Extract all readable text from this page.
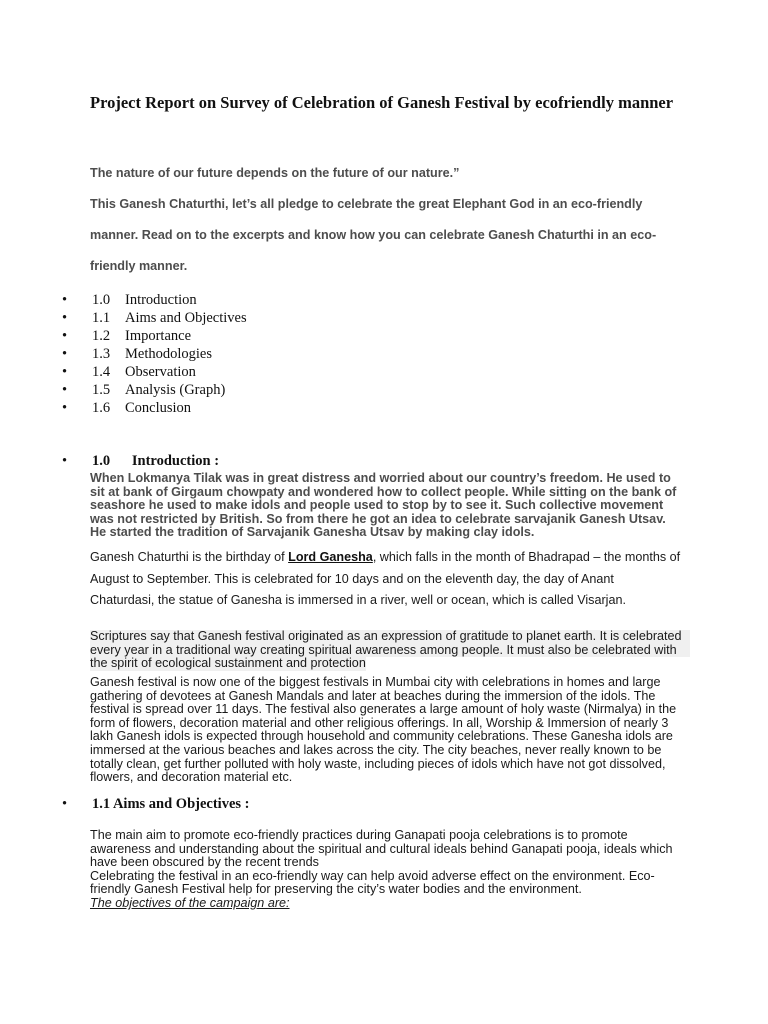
Project Report on Survey of Celebration of Ganesh Festival by ecofriendly manner
The nature of our future depends on the future of our nature.”
This Ganesh Chaturthi, let’s all pledge to celebrate the great Elephant God in an eco-friendly
manner. Read on to the excerpts and know how you can celebrate Ganesh Chaturthi in an eco-
friendly manner.
• 1.0 Introduction
• 1.1 Aims and Objectives
• 1.2 Importance
• 1.3 Methodologies
• 1.4 Observation
• 1.5 Analysis (Graph)
• 1.6 Conclusion
• 1.0 Introduction :
When Lokmanya Tilak was in great distress and worried about our country’s freedom. He used to
sit at bank of Girgaum chowpaty and wondered how to collect people. While sitting on the bank of
seashore he used to make idols and people used to stop by to see it. Such collective movement
was not restricted by British. So from there he got an idea to celebrate sarvajanik Ganesh Utsav.
He started the tradition of Sarvajanik Ganesha Utsav by making clay idols.
Ganesh Chaturthi is the birthday of Lord Ganesha, which falls in the month of Bhadrapad – the months of
August to September. This is celebrated for 10 days and on the eleventh day, the day of Anant
Chaturdasi, the statue of Ganesha is immersed in a river, well or ocean, which is called Visarjan.
Scriptures say that Ganesh festival originated as an expression of gratitude to planet earth. It is celebrated
every year in a traditional way creating spiritual awareness among people. It must also be celebrated with
the spirit of ecological sustainment and protection
Ganesh festival is now one of the biggest festivals in Mumbai city with celebrations in homes and large
gathering of devotees at Ganesh Mandals and later at beaches during the immersion of the idols. The
festival is spread over 11 days. The festival also generates a large amount of holy waste (Nirmalya) in the
form of flowers, decoration material and other religious offerings. In all, Worship & Immersion of nearly 3
lakh Ganesh idols is expected through household and community celebrations. These Ganesha idols are
immersed at the various beaches and lakes across the city. The city beaches, never really known to be
totally clean, get further polluted with holy waste, including pieces of idols which have not got dissolved,
flowers, and decoration material etc.
• 1.1 Aims and Objectives :
The main aim to promote eco-friendly practices during Ganapati pooja celebrations is to promote
awareness and understanding about the spiritual and cultural ideals behind Ganapati pooja, ideals which
have been obscured by the recent trends
Celebrating the festival in an eco-friendly way can help avoid adverse effect on the environment. Eco-
friendly Ganesh Festival help for preserving the city’s water bodies and the environment.
The objectives of the campaign are:
